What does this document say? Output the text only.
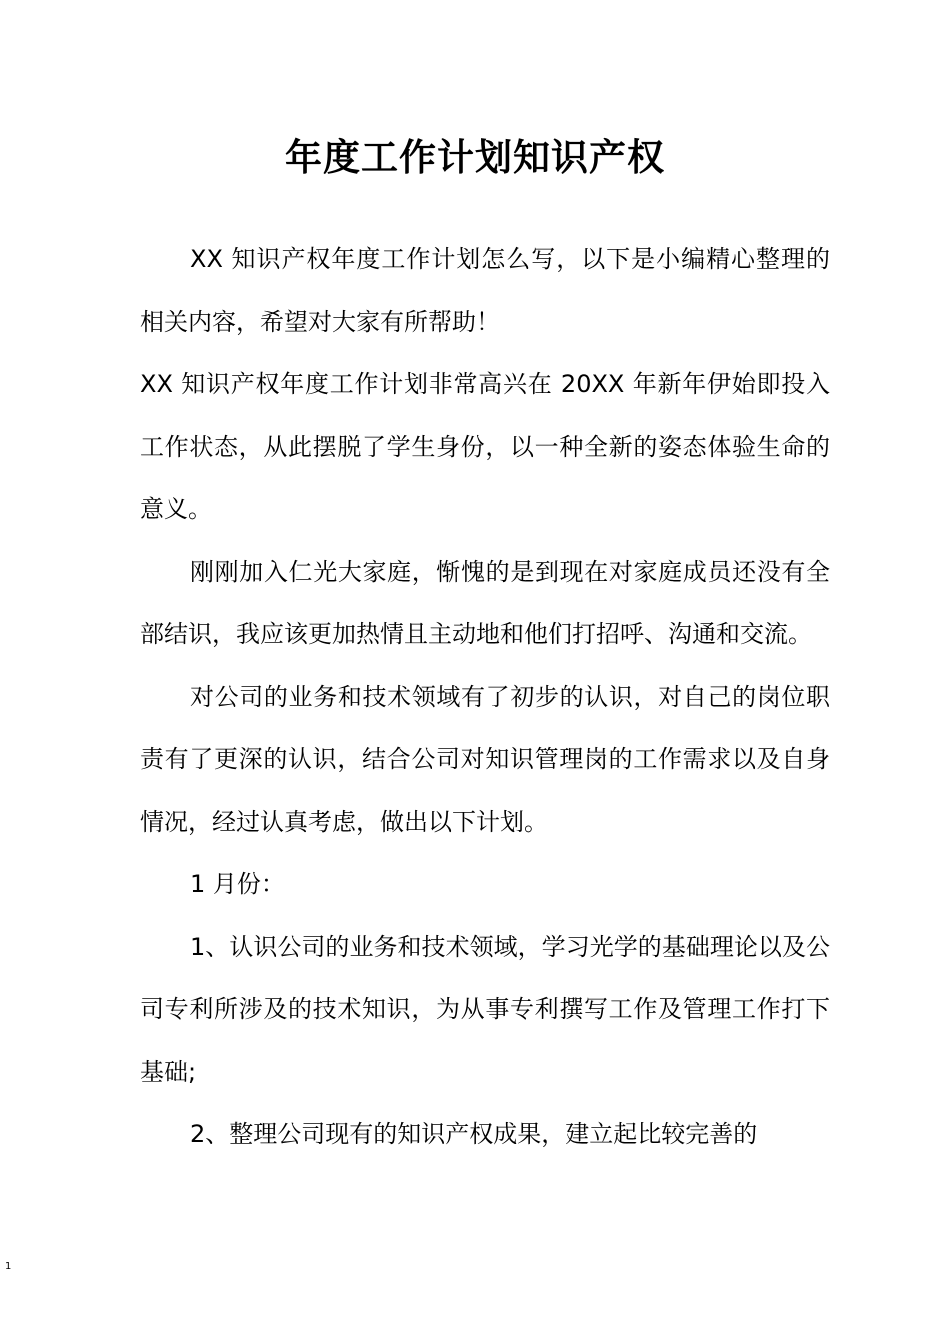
年度工作计划知识产权

XX 知识产权年度工作计划怎么写，以下是小编精心整理的相关内容，希望对大家有所帮助！

XX 知识产权年度工作计划非常高兴在 20XX 年新年伊始即投入工作状态，从此摆脱了学生身份，以一种全新的姿态体验生命的意义。

刚刚加入仁光大家庭，惭愧的是到现在对家庭成员还没有全部结识，我应该更加热情且主动地和他们打招呼、沟通和交流。

对公司的业务和技术领域有了初步的认识，对自己的岗位职责有了更深的认识，结合公司对知识管理岗的工作需求以及自身情况，经过认真考虑，做出以下计划。

1 月份：

1、认识公司的业务和技术领域，学习光学的基础理论以及公司专利所涉及的技术知识，为从事专利撰写工作及管理工作打下基础;

2、整理公司现有的知识产权成果，建立起比较完善的

1
